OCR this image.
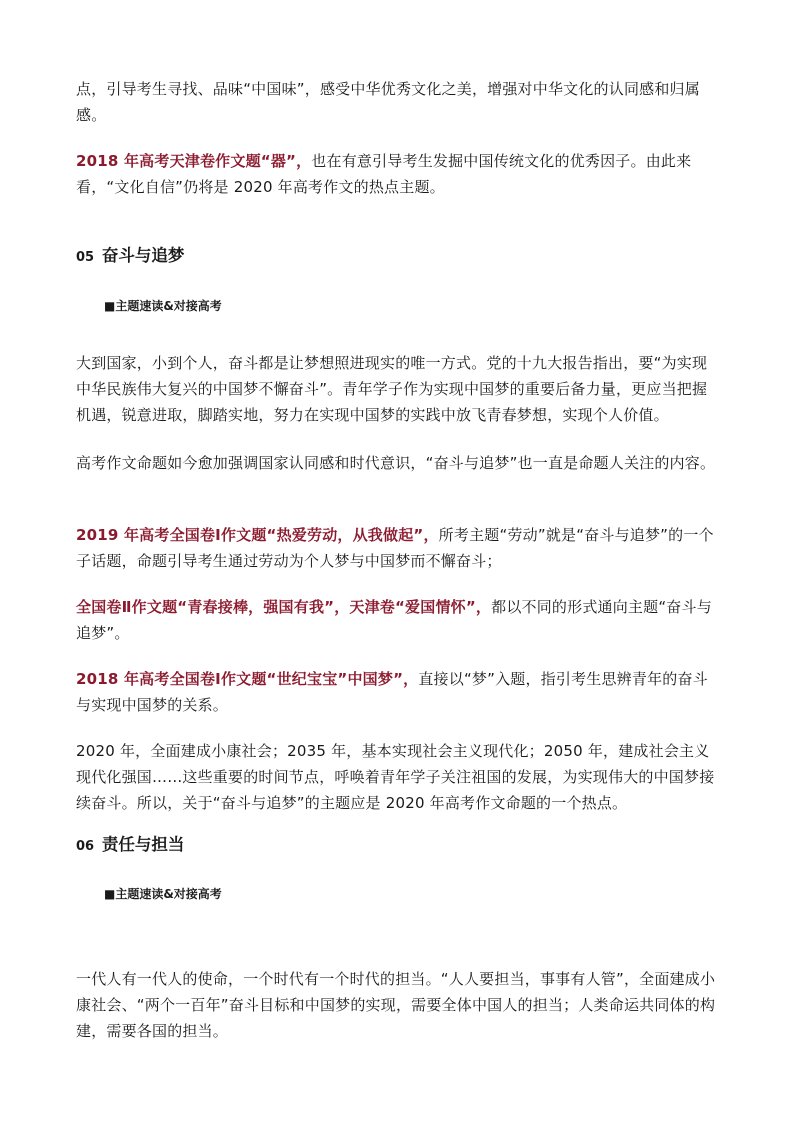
点，引导考生寻找、品味“中国味”，感受中华优秀文化之美，增强对中华文化的认同感和归属感。

2018 年高考天津卷作文题“器”，也在有意引导考生发掘中国传统文化的优秀因子。由此来看，“文化自信”仍将是 2020 年高考作文的热点主题。

05 奋斗与追梦

■主题速读&对接高考

大到国家，小到个人，奋斗都是让梦想照进现实的唯一方式。党的十九大报告指出，要“为实现中华民族伟大复兴的中国梦不懈奋斗”。青年学子作为实现中国梦的重要后备力量，更应当把握机遇，锐意进取，脚踏实地，努力在实现中国梦的实践中放飞青春梦想，实现个人价值。

高考作文命题如今愈加强调国家认同感和时代意识，“奋斗与追梦”也一直是命题人关注的内容。

2019 年高考全国卷Ⅰ作文题“热爱劳动，从我做起”，所考主题“劳动”就是“奋斗与追梦”的一个子话题，命题引导考生通过劳动为个人梦与中国梦而不懈奋斗；

全国卷Ⅱ作文题“青春接棒，强国有我”，天津卷“爱国情怀”，都以不同的形式通向主题“奋斗与追梦”。

2018 年高考全国卷Ⅰ作文题“世纪宝宝”中国梦”，直接以“梦”入题，指引考生思辨青年的奋斗与实现中国梦的关系。

2020 年，全面建成小康社会；2035 年，基本实现社会主义现代化；2050 年，建成社会主义现代化强国……这些重要的时间节点，呼唤着青年学子关注祖国的发展，为实现伟大的中国梦接续奋斗。所以，关于“奋斗与追梦”的主题应是 2020 年高考作文命题的一个热点。

06 责任与担当

■主题速读&对接高考

一代人有一代人的使命，一个时代有一个时代的担当。“人人要担当，事事有人管”，全面建成小康社会、“两个一百年”奋斗目标和中国梦的实现，需要全体中国人的担当；人类命运共同体的构建，需要各国的担当。
